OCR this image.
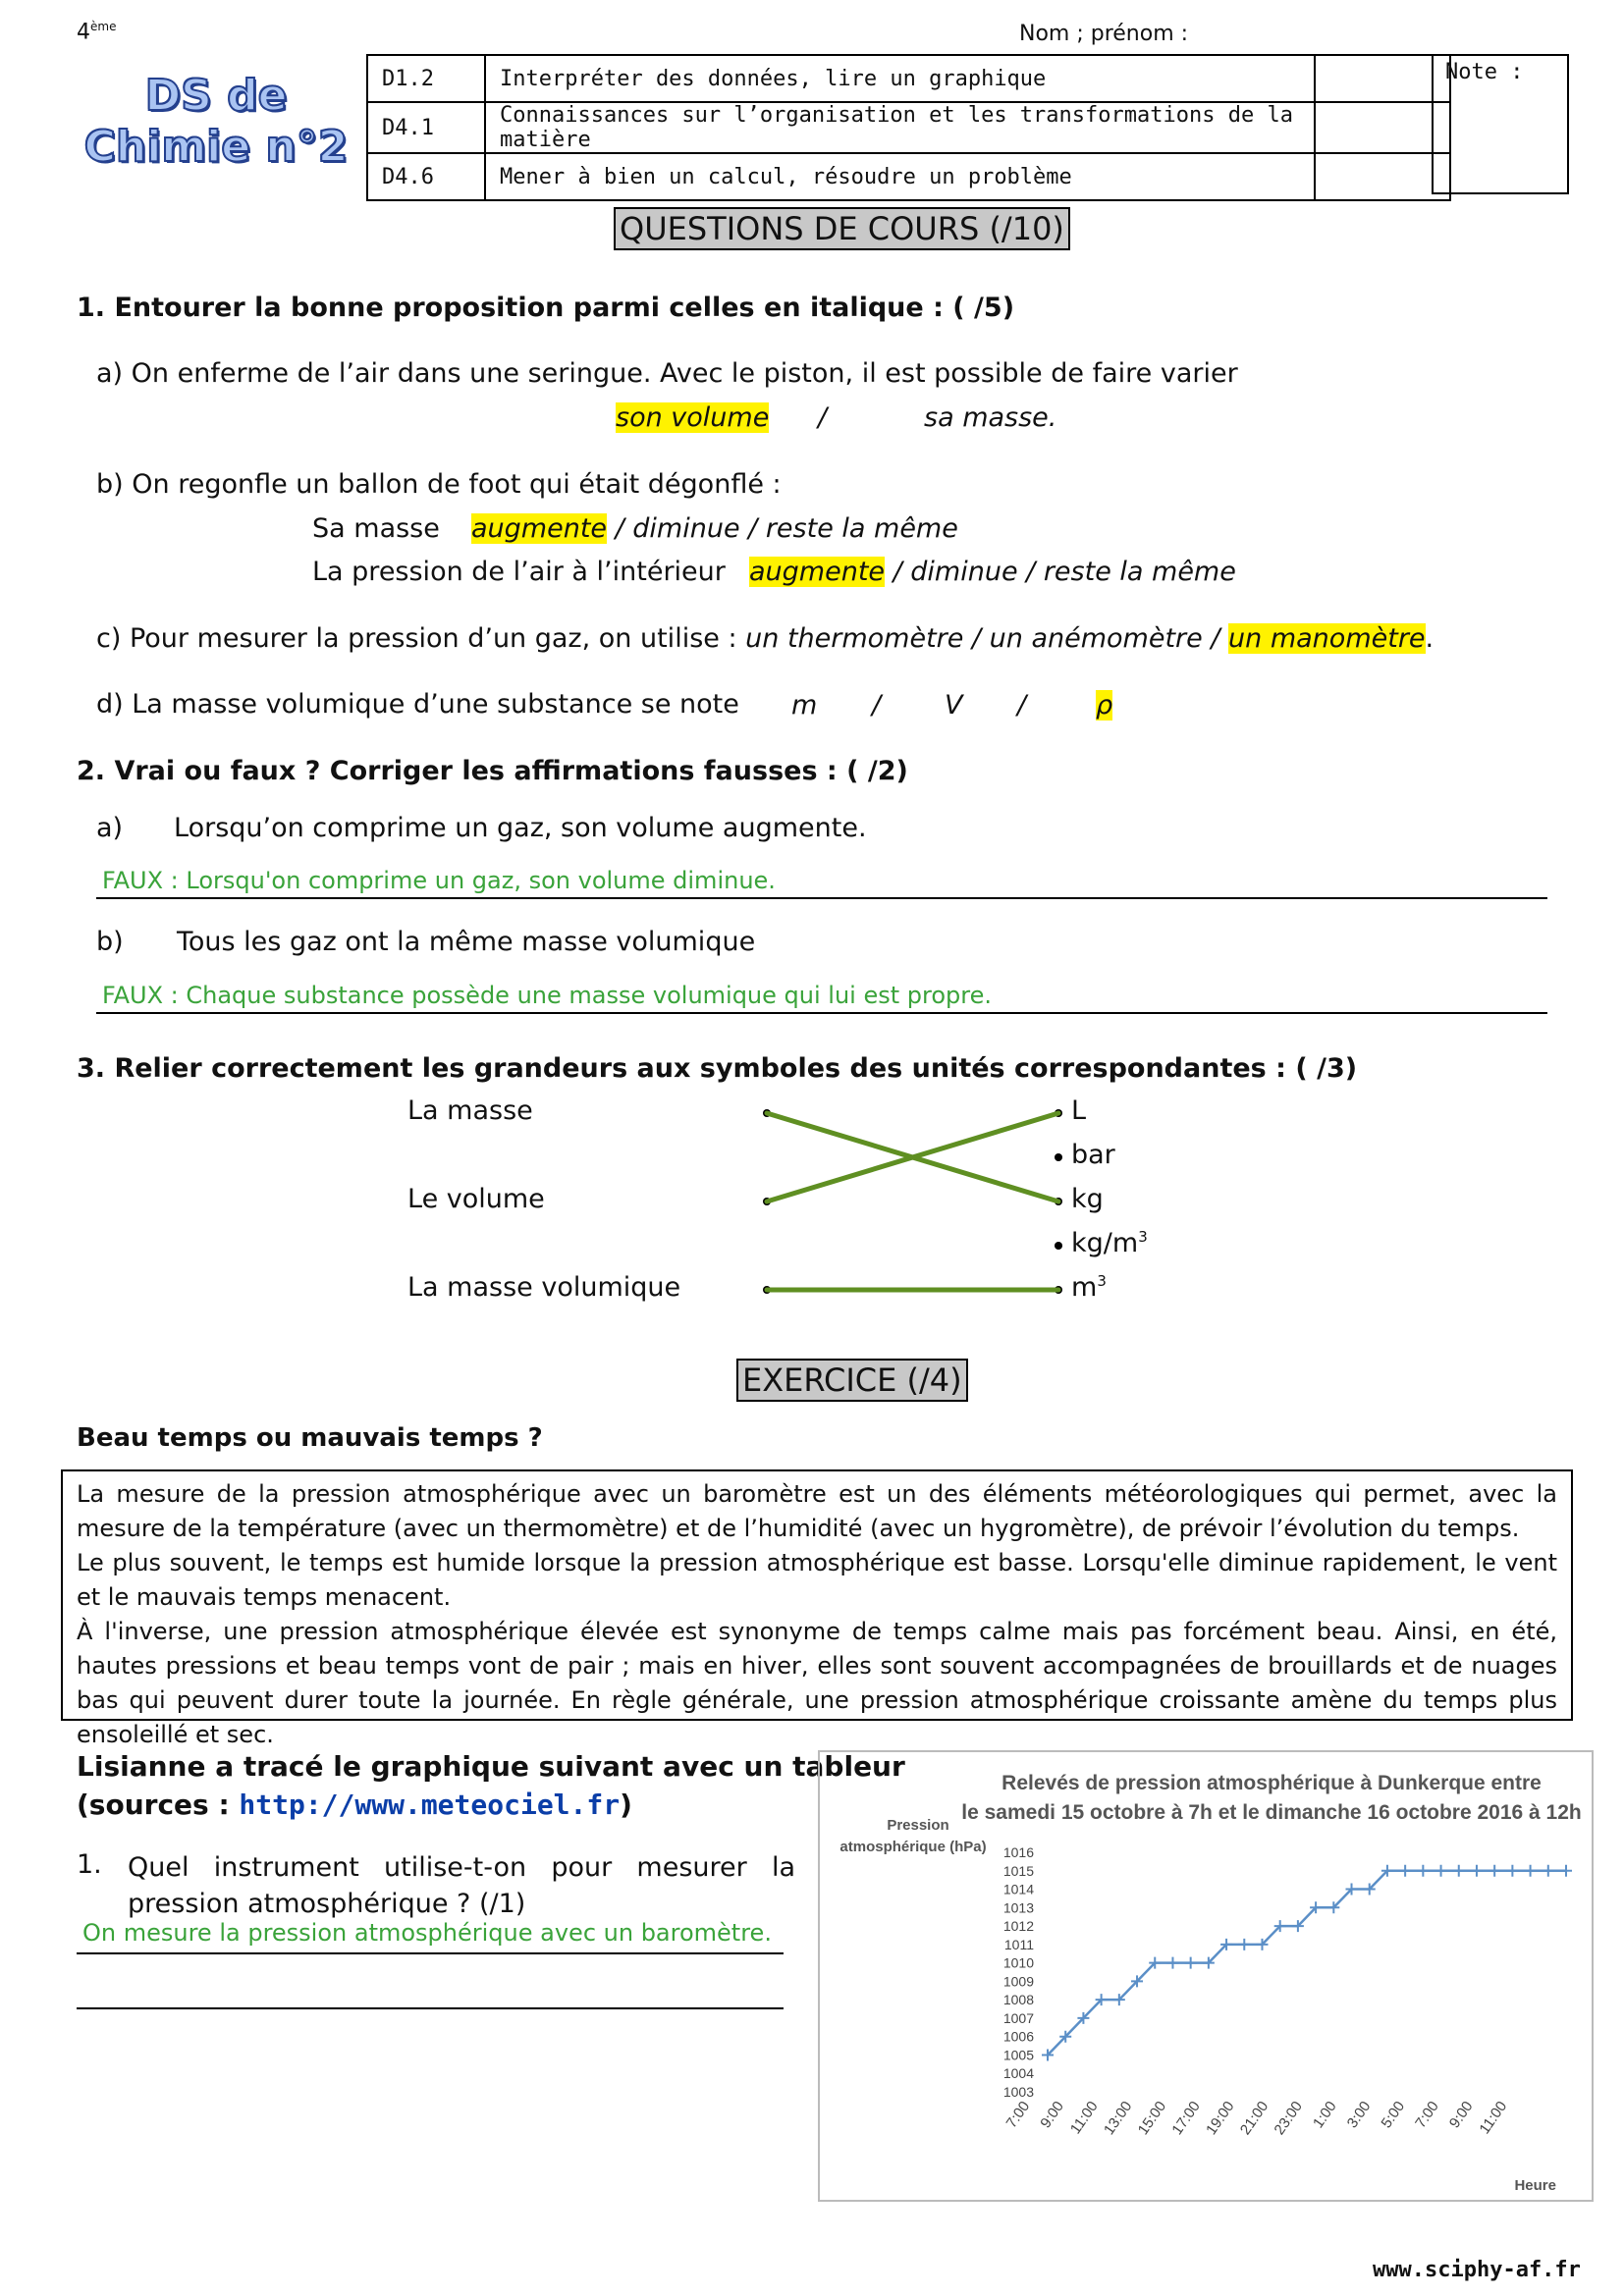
4ème	Nom ; prénom :
DS de
Chimie n°2
D1.2	Interpréter des données, lire un graphique	
D4.1	Connaissances sur l’organisation et les transformations de la matière	
D4.6	Mener à bien un calcul, résoudre un problème	
Note :
QUESTIONS DE COURS (/10)
1. Entourer la bonne proposition parmi celles en italique : ( /5)
a) On enferme de l’air dans une seringue. Avec le piston, il est possible de faire varier
son volume /	sa masse.
b) On regonfle un ballon de foot qui était dégonflé :
Sa masse augmente / diminue / reste la même
La pression de l’air à l’intérieur augmente / diminue / reste la même
c) Pour mesurer la pression d’un gaz, on utilise : un thermomètre / un anémomètre / un manomètre.
d) La masse volumique d’une substance se note m / V /	ρ
2. Vrai ou faux ? Corriger les affirmations fausses : ( /2)
a) Lorsqu’on comprime un gaz, son volume augmente.
FAUX : Lorsqu'on comprime un gaz, son volume diminue.
b) Tous les gaz ont la même masse volumique
FAUX : Chaque substance possède une masse volumique qui lui est propre.
3. Relier correctement les grandeurs aux symboles des unités correspondantes : ( /3)
La masse
Le volume
La masse volumique
L
bar
kg
$kg/m^3$
$m^3$
EXERCICE (/4)
Beau temps ou mauvais temps ?

La mesure de la pression atmosphérique avec un baromètre est un des éléments météorologiques qui permet, avec la mesure de la température (avec un thermomètre) et de l’humidité (avec un hygromètre), de prévoir l’évolution du temps.

Le plus souvent, le temps est humide lorsque la pression atmosphérique est basse. Lorsqu'elle diminue rapidement, le vent et le mauvais temps menacent.

À l'inverse, une pression atmosphérique élevée est synonyme de temps calme mais pas forcément beau. Ainsi, en été, hautes pressions et beau temps vont de pair ; mais en hiver, elles sont souvent accompagnées de brouillards et de nuages bas qui peuvent durer toute la journée. En règle générale, une pression atmosphérique croissante amène du temps plus ensoleillé et sec.

Lisianne a tracé le graphique suivant avec un tableur
(sources : http://www.meteociel.fr)
1. Quel instrument utilise-t-on pour mesurer la pression atmosphérique ? (/1)
On mesure la pression atmosphérique avec un baromètre.
Relevés de pression atmosphérique à Dunkerque entre
le samedi 15 octobre à 7h et le dimanche 16 octobre 2016 à 12h
Pression
atmosphérique (hPa)
1003
1004
1005
1006
1007
1008
1009
1010
1011
1012
1013
1014
1015
1016
7:00 9:00 11:00 13:00 15:00 17:00 19:00 21:00 23:00 1:00 3:00 5:00 7:00 9:00 11:00
Heure
www.sciphy-af.fr
